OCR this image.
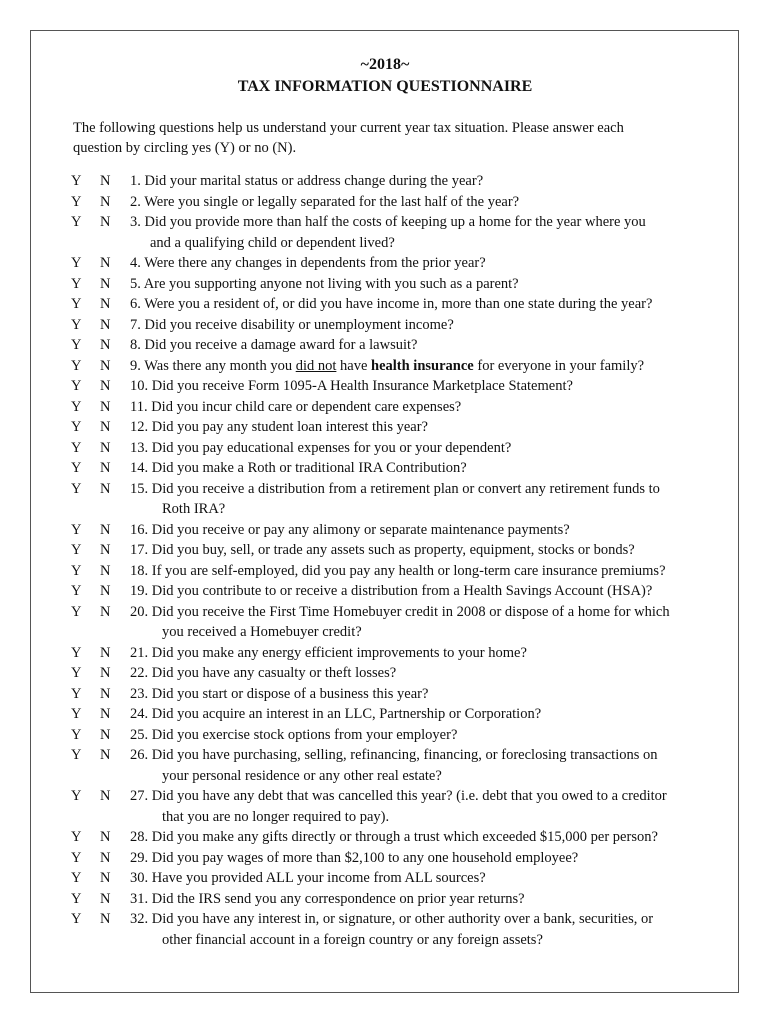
~2018~
TAX INFORMATION QUESTIONNAIRE
The following questions help us understand your current year tax situation. Please answer each
question by circling yes (Y) or no (N).
Y	N	1. Did your marital status or address change during the year?
Y	N	2. Were you single or legally separated for the last half of the year?
Y	N	3. Did you provide more than half the costs of keeping up a home for the year where you
and a qualifying child or dependent lived?
Y	N	4. Were there any changes in dependents from the prior year?
Y	N	5. Are you supporting anyone not living with you such as a parent?
Y	N	6. Were you a resident of, or did you have income in, more than one state during the year?
Y	N	7. Did you receive disability or unemployment income?
Y	N	8. Did you receive a damage award for a lawsuit?
Y	N	9. Was there any month you did not have health insurance for everyone in your family?
Y	N	10. Did you receive Form 1095-A Health Insurance Marketplace Statement?
Y	N	11. Did you incur child care or dependent care expenses?
Y	N	12. Did you pay any student loan interest this year?
Y	N	13. Did you pay educational expenses for you or your dependent?
Y	N	14. Did you make a Roth or traditional IRA Contribution?
Y	N	15. Did you receive a distribution from a retirement plan or convert any retirement funds to
Roth IRA?
Y	N	16. Did you receive or pay any alimony or separate maintenance payments?
Y	N	17. Did you buy, sell, or trade any assets such as property, equipment, stocks or bonds?
Y	N	18. If you are self-employed, did you pay any health or long-term care insurance premiums?
Y	N	19. Did you contribute to or receive a distribution from a Health Savings Account (HSA)?
Y	N	20. Did you receive the First Time Homebuyer credit in 2008 or dispose of a home for which
you received a Homebuyer credit?
Y	N	21. Did you make any energy efficient improvements to your home?
Y	N	22. Did you have any casualty or theft losses?
Y	N	23. Did you start or dispose of a business this year?
Y	N	24. Did you acquire an interest in an LLC, Partnership or Corporation?
Y	N	25. Did you exercise stock options from your employer?
Y	N	26. Did you have purchasing, selling, refinancing, financing, or foreclosing transactions on
your personal residence or any other real estate?
Y	N	27. Did you have any debt that was cancelled this year? (i.e. debt that you owed to a creditor
that you are no longer required to pay).
Y	N	28. Did you make any gifts directly or through a trust which exceeded $15,000 per person?
Y	N	29. Did you pay wages of more than $2,100 to any one household employee?
Y	N	30. Have you provided ALL your income from ALL sources?
Y	N	31. Did the IRS send you any correspondence on prior year returns?
Y	N	32. Did you have any interest in, or signature, or other authority over a bank, securities, or
other financial account in a foreign country or any foreign assets?
